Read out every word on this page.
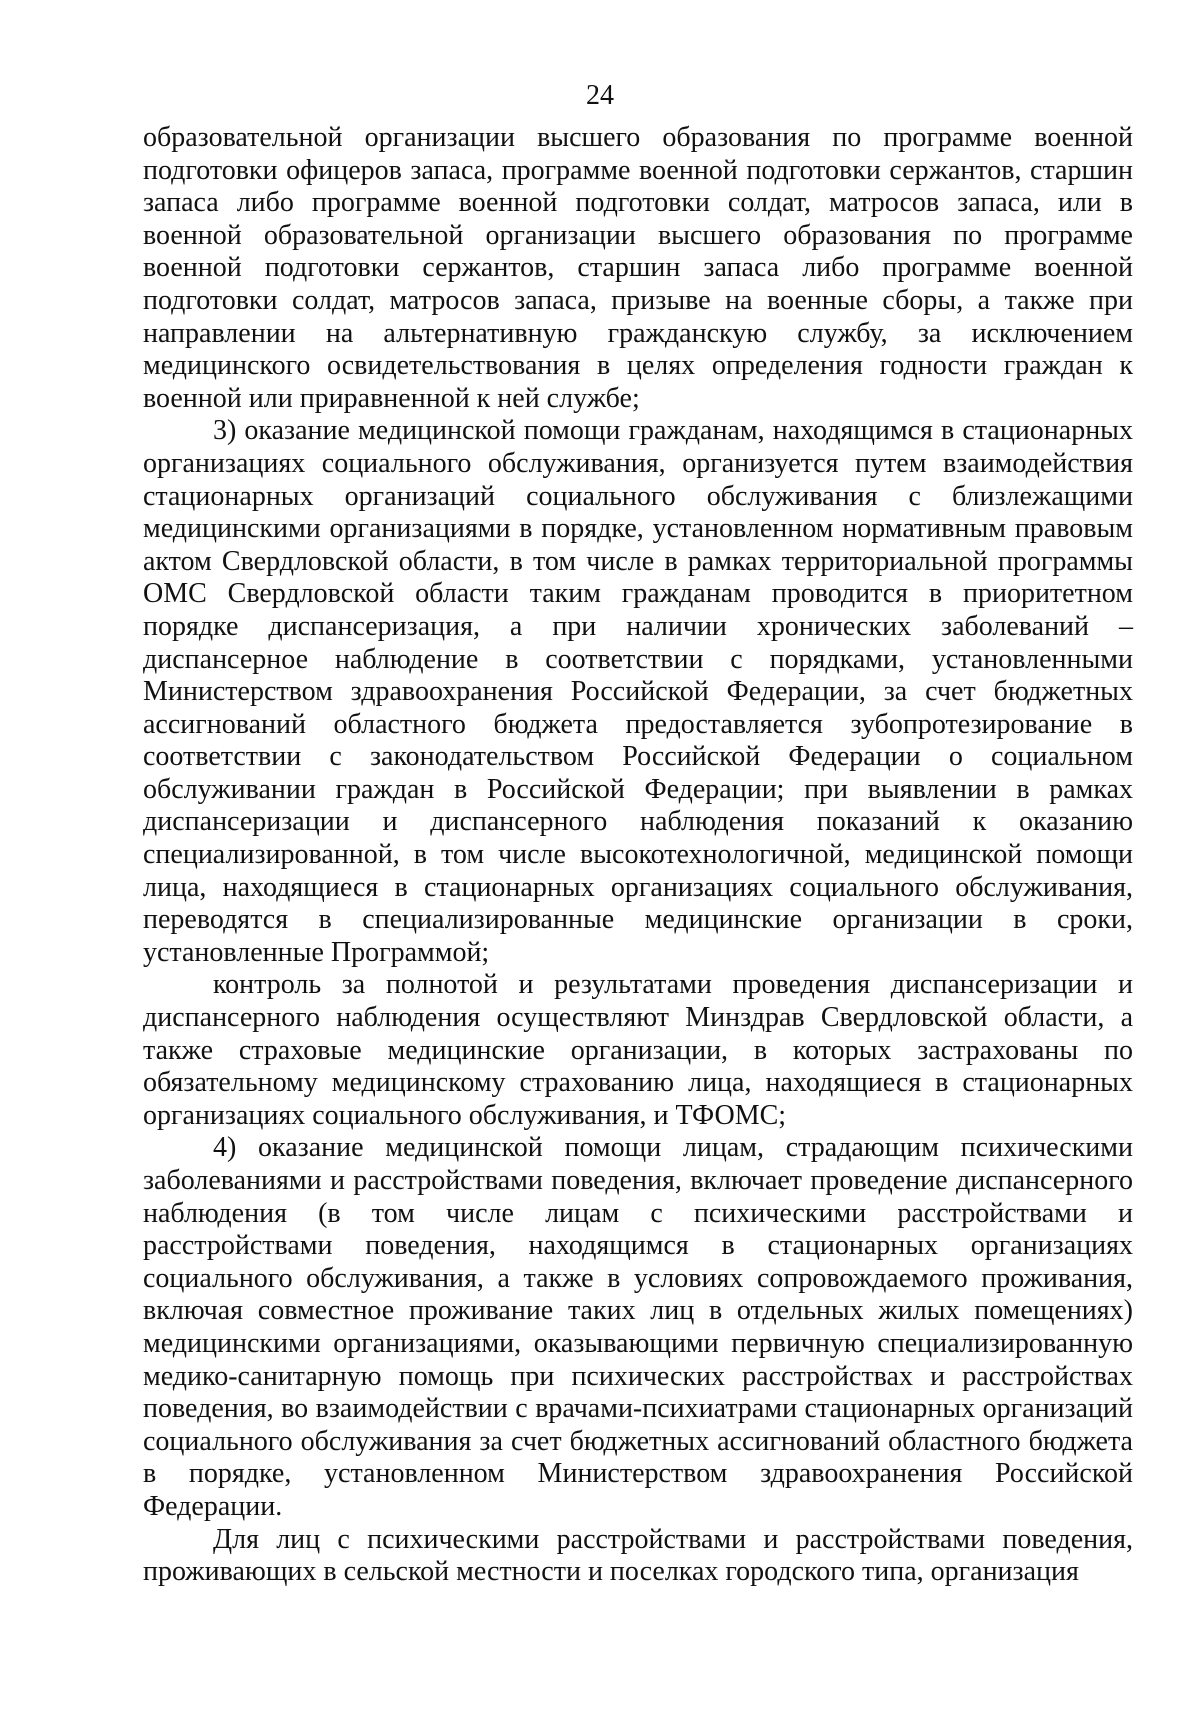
24

образовательной организации высшего образования по программе военной подготовки офицеров запаса, программе военной подготовки сержантов, старшин запаса либо программе военной подготовки солдат, матросов запаса, или в военной образовательной организации высшего образования по программе военной подготовки сержантов, старшин запаса либо программе военной подготовки солдат, матросов запаса, призыве на военные сборы, а также при направлении на альтернативную гражданскую службу, за исключением медицинского освидетельствования в целях определения годности граждан к военной или приравненной к ней службе;

3) оказание медицинской помощи гражданам, находящимся в стационарных организациях социального обслуживания, организуется путем взаимодействия стационарных организаций социального обслуживания с близлежащими медицинскими организациями в порядке, установленном нормативным правовым актом Свердловской области, в том числе в рамках территориальной программы ОМС Свердловской области таким гражданам проводится в приоритетном порядке диспансеризация, а при наличии хронических заболеваний – диспансерное наблюдение в соответствии с порядками, установленными Министерством здравоохранения Российской Федерации, за счет бюджетных ассигнований областного бюджета предоставляется зубопротезирование в соответствии с законодательством Российской Федерации о социальном обслуживании граждан в Российской Федерации; при выявлении в рамках диспансеризации и диспансерного наблюдения показаний к оказанию специализированной, в том числе высокотехнологичной, медицинской помощи лица, находящиеся в стационарных организациях социального обслуживания, переводятся в специализированные медицинские организации в сроки, установленные Программой;

контроль за полнотой и результатами проведения диспансеризации и диспансерного наблюдения осуществляют Минздрав Свердловской области, а также страховые медицинские организации, в которых застрахованы по обязательному медицинскому страхованию лица, находящиеся в стационарных организациях социального обслуживания, и ТФОМС;

4) оказание медицинской помощи лицам, страдающим психическими заболеваниями и расстройствами поведения, включает проведение диспансерного наблюдения (в том числе лицам с психическими расстройствами и расстройствами поведения, находящимся в стационарных организациях социального обслуживания, а также в условиях сопровождаемого проживания, включая совместное проживание таких лиц в отдельных жилых помещениях) медицинскими организациями, оказывающими первичную специализированную медико-санитарную помощь при психических расстройствах и расстройствах поведения, во взаимодействии с врачами-психиатрами стационарных организаций социального обслуживания за счет бюджетных ассигнований областного бюджета в порядке, установленном Министерством здравоохранения Российской Федерации.

Для лиц с психическими расстройствами и расстройствами поведения, проживающих в сельской местности и поселках городского типа, организация
